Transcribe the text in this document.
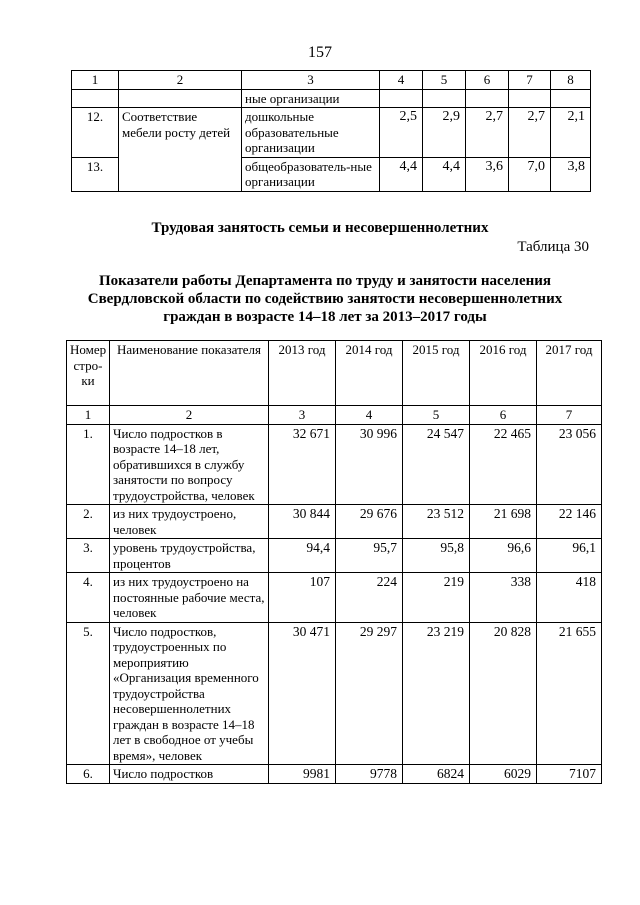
157
1	2	3	4	5	6	7	8
		ные организации					
12.	Соответствие мебели росту детей	дошкольные образовательные организации	2,5	2,9	2,7	2,7	2,1
13.		общеобразователь-ные организации	4,4	4,4	3,6	7,0	3,8
Трудовая занятость семьи и несовершеннолетних
Таблица 30
Показатели работы Департамента по труду и занятости населения Свердловской области по содействию занятости несовершеннолетних граждан в возрасте 14–18 лет за 2013–2017 годы
Номер стро-ки	Наименование показателя	2013 год	2014 год	2015 год	2016 год	2017 год
1	2	3	4	5	6	7
1.	Число подростков в возрасте 14–18 лет, обратившихся в службу занятости по вопросу трудоустройства, человек	32 671	30 996	24 547	22 465	23 056
2.	из них трудоустроено, человек	30 844	29 676	23 512	21 698	22 146
3.	уровень трудоустройства, процентов	94,4	95,7	95,8	96,6	96,1
4.	из них трудоустроено на постоянные рабочие места, человек	107	224	219	338	418
5.	Число подростков, трудоустроенных по мероприятию «Организация временного трудоустройства несовершеннолетних граждан в возрасте 14–18 лет в свободное от учебы время», человек	30 471	29 297	23 219	20 828	21 655
6.	Число подростков	9981	9778	6824	6029	7107
